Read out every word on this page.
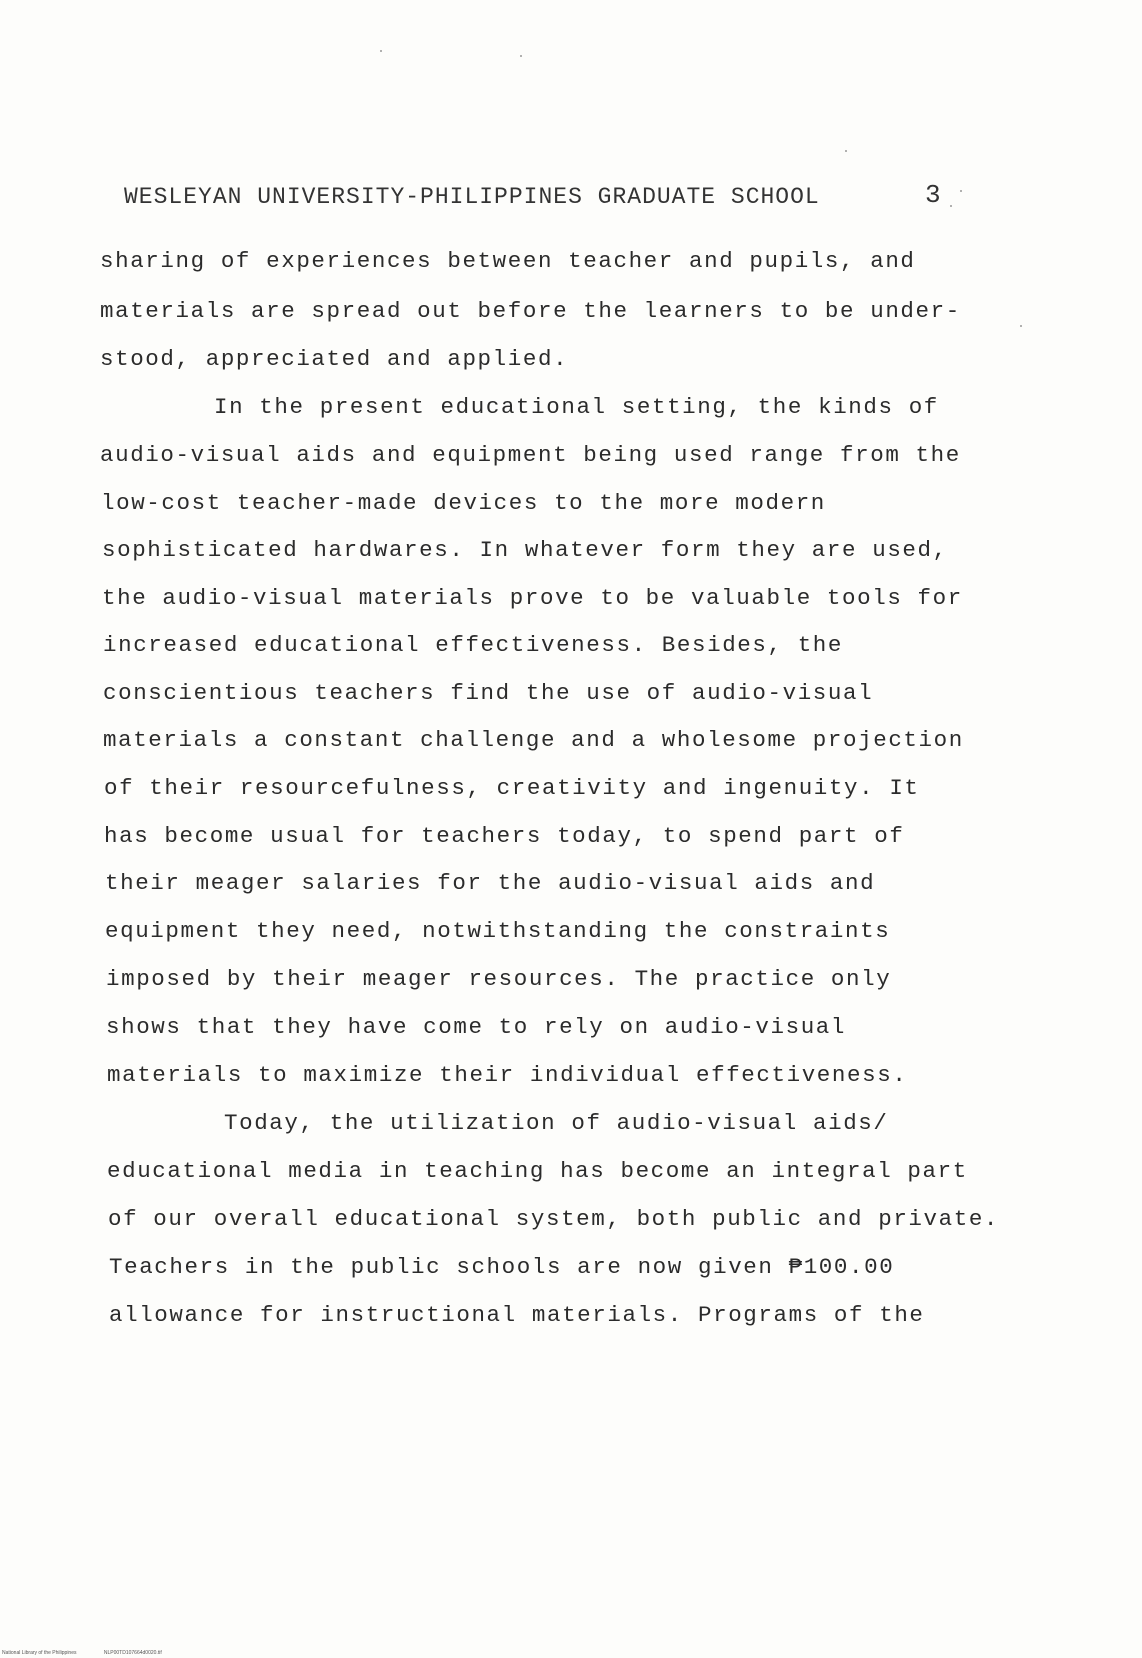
WESLEYAN UNIVERSITY-PHILIPPINES GRADUATE SCHOOL	3
sharing of experiences between teacher and pupils, and
materials are spread out before the learners to be under-
stood, appreciated and applied.
In the present educational setting, the kinds of
audio-visual aids and equipment being used range from the
low-cost teacher-made devices to the more modern
sophisticated hardwares. In whatever form they are used,
the audio-visual materials prove to be valuable tools for
increased educational effectiveness. Besides, the
conscientious teachers find the use of audio-visual
materials a constant challenge and a wholesome projection
of their resourcefulness, creativity and ingenuity. It
has become usual for teachers today, to spend part of
their meager salaries for the audio-visual aids and
equipment they need, notwithstanding the constraints
imposed by their meager resources. The practice only
shows that they have come to rely on audio-visual
materials to maximize their individual effectiveness.
Today, the utilization of audio-visual aids/
educational media in teaching has become an integral part
of our overall educational system, both public and private.
Teachers in the public schools are now given ₱100.00
allowance for instructional materials. Programs of the
National Library of the Philippines	NLP00TD107664d0020.tif
